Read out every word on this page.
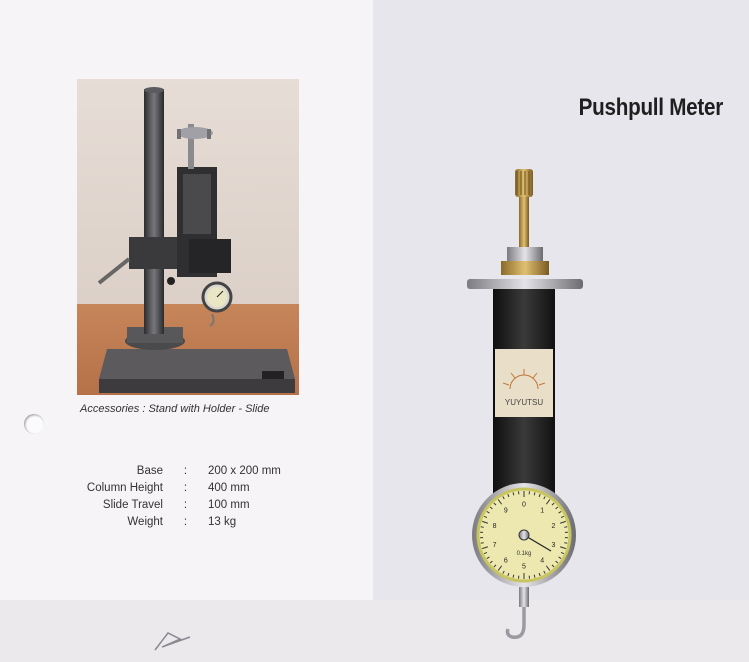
Accessories : Stand with Holder - Slide
Base	:	200 x 200 mm
Column Height	:	400 mm
Slide Travel	:	100 mm
Weight	:	13 kg
Pushpull Meter
YUYUTSU
0
1
2
3
4
5
6
7
8
9
0.1kg
